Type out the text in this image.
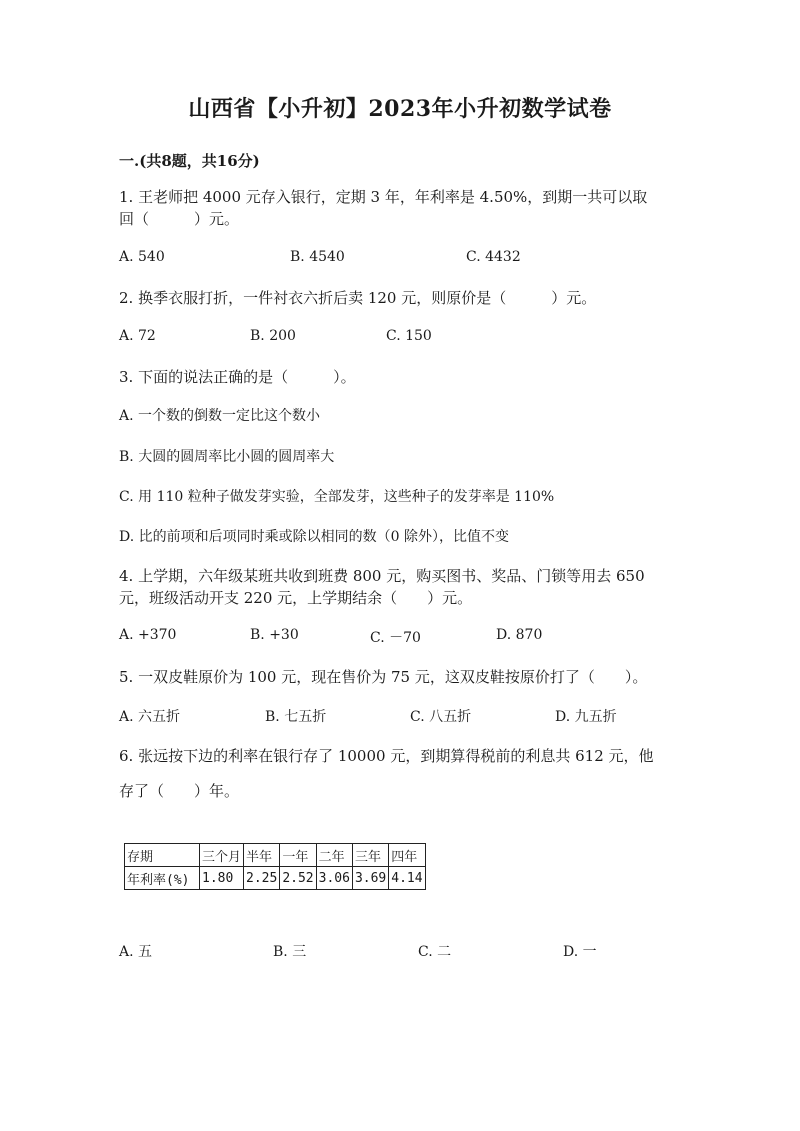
山西省【小升初】2023年小升初数学试卷
一.(共8题，共16分)
1. 王老师把 4000 元存入银行，定期 3 年，年利率是 4.50%，到期一共可以取
回（　　　）元。
A. 540	B. 4540	C. 4432
2. 换季衣服打折，一件衬衣六折后卖 120 元，则原价是（　　　）元。
A. 72	B. 200	C. 150
3. 下面的说法正确的是（　　　）。
A. 一个数的倒数一定比这个数小
B. 大圆的圆周率比小圆的圆周率大
C. 用 110 粒种子做发芽实验，全部发芽，这些种子的发芽率是 110%
D. 比的前项和后项同时乘或除以相同的数（0 除外），比值不变
4. 上学期，六年级某班共收到班费 800 元，购买图书、奖品、门锁等用去 650
元，班级活动开支 220 元，上学期结余（　　）元。
A. +370	B. +30	C. －70	D. 870
5. 一双皮鞋原价为 100 元，现在售价为 75 元，这双皮鞋按原价打了（　　）。
A. 六五折	B. 七五折	C. 八五折	D. 九五折
6. 张远按下边的利率在银行存了 10000 元，到期算得税前的利息共 612 元，他
存了（　　）年。
存期	三个月	半年	一年	二年	三年	四年
年利率(%)	1.80	2.25	2.52	3.06	3.69	4.14
A. 五	B. 三	C. 二	D. 一
